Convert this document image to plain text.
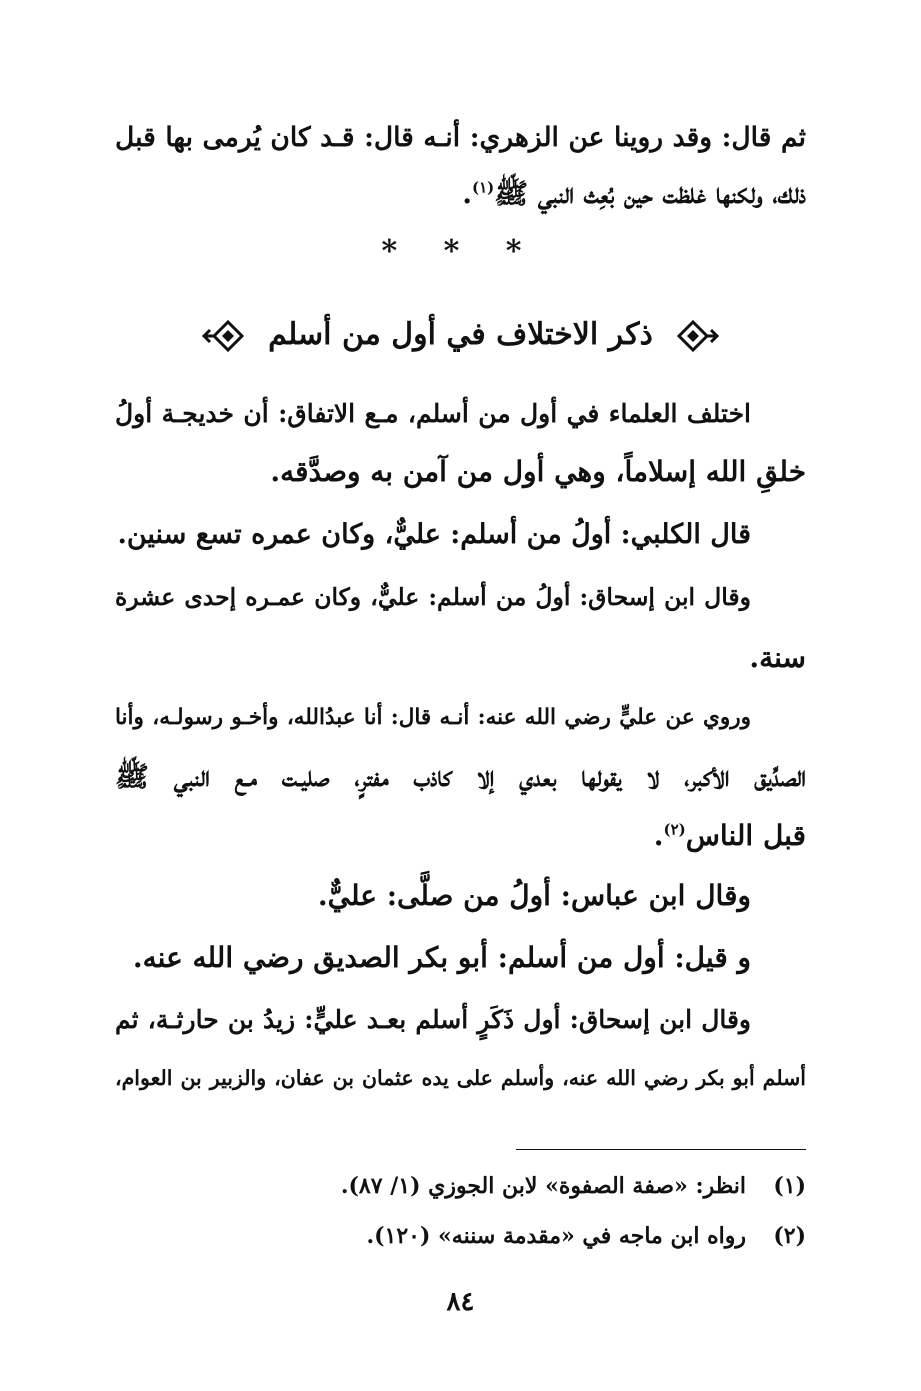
ثم قال: وقد روينا عن الزهري: أنـه قال: قـد كان يُرمى بها قبل
ذلك، ولكنها غلظت حين بُعِث النبي ﷺ$^{(١)}$.
* * *
ذكر الاختلاف في أول من أسلم
اختلف العلماء في أول من أسلم، مـع الاتفاق: أن خديجـة أولُ
خلقِ الله إسلاماً، وهي أول من آمن به وصدَّقه.
قال الكلبي: أولُ من أسلم: عليٌّ، وكان عمره تسع سنين.
وقال ابن إسحاق: أولُ من أسلم: عليٌّ، وكان عمـره إحدى عشرة
سنة.
وروي عن عليٍّ رضي الله عنه: أنـه قال: أنا عبدُالله، وأخـو رسولـه، وأنا
الصدِّيق الأكبر، لا يقولها بعدي إلا كاذب مفترٍ، صليـت مـع النبي ﷺ
قبل الناس$^{(٢)}$.
وقال ابن عباس: أولُ من صلَّى: عليٌّ.
و قيل: أول من أسلم: أبو بكر الصديق رضي الله عنه.
وقال ابن إسحاق: أول ذَكَرٍ أسلم بعـد عليٍّ: زيدُ بن حارثـة، ثم
أسلم أبو بكر رضي الله عنه، وأسلم على يده عثمان بن عفان، والزبير بن العوام،
(١)انظر: «صفة الصفوة» لابن الجوزي (١/ ٨٧).
(٢)رواه ابن ماجه في «مقدمة سننه» (١٢٠).
٨٤
